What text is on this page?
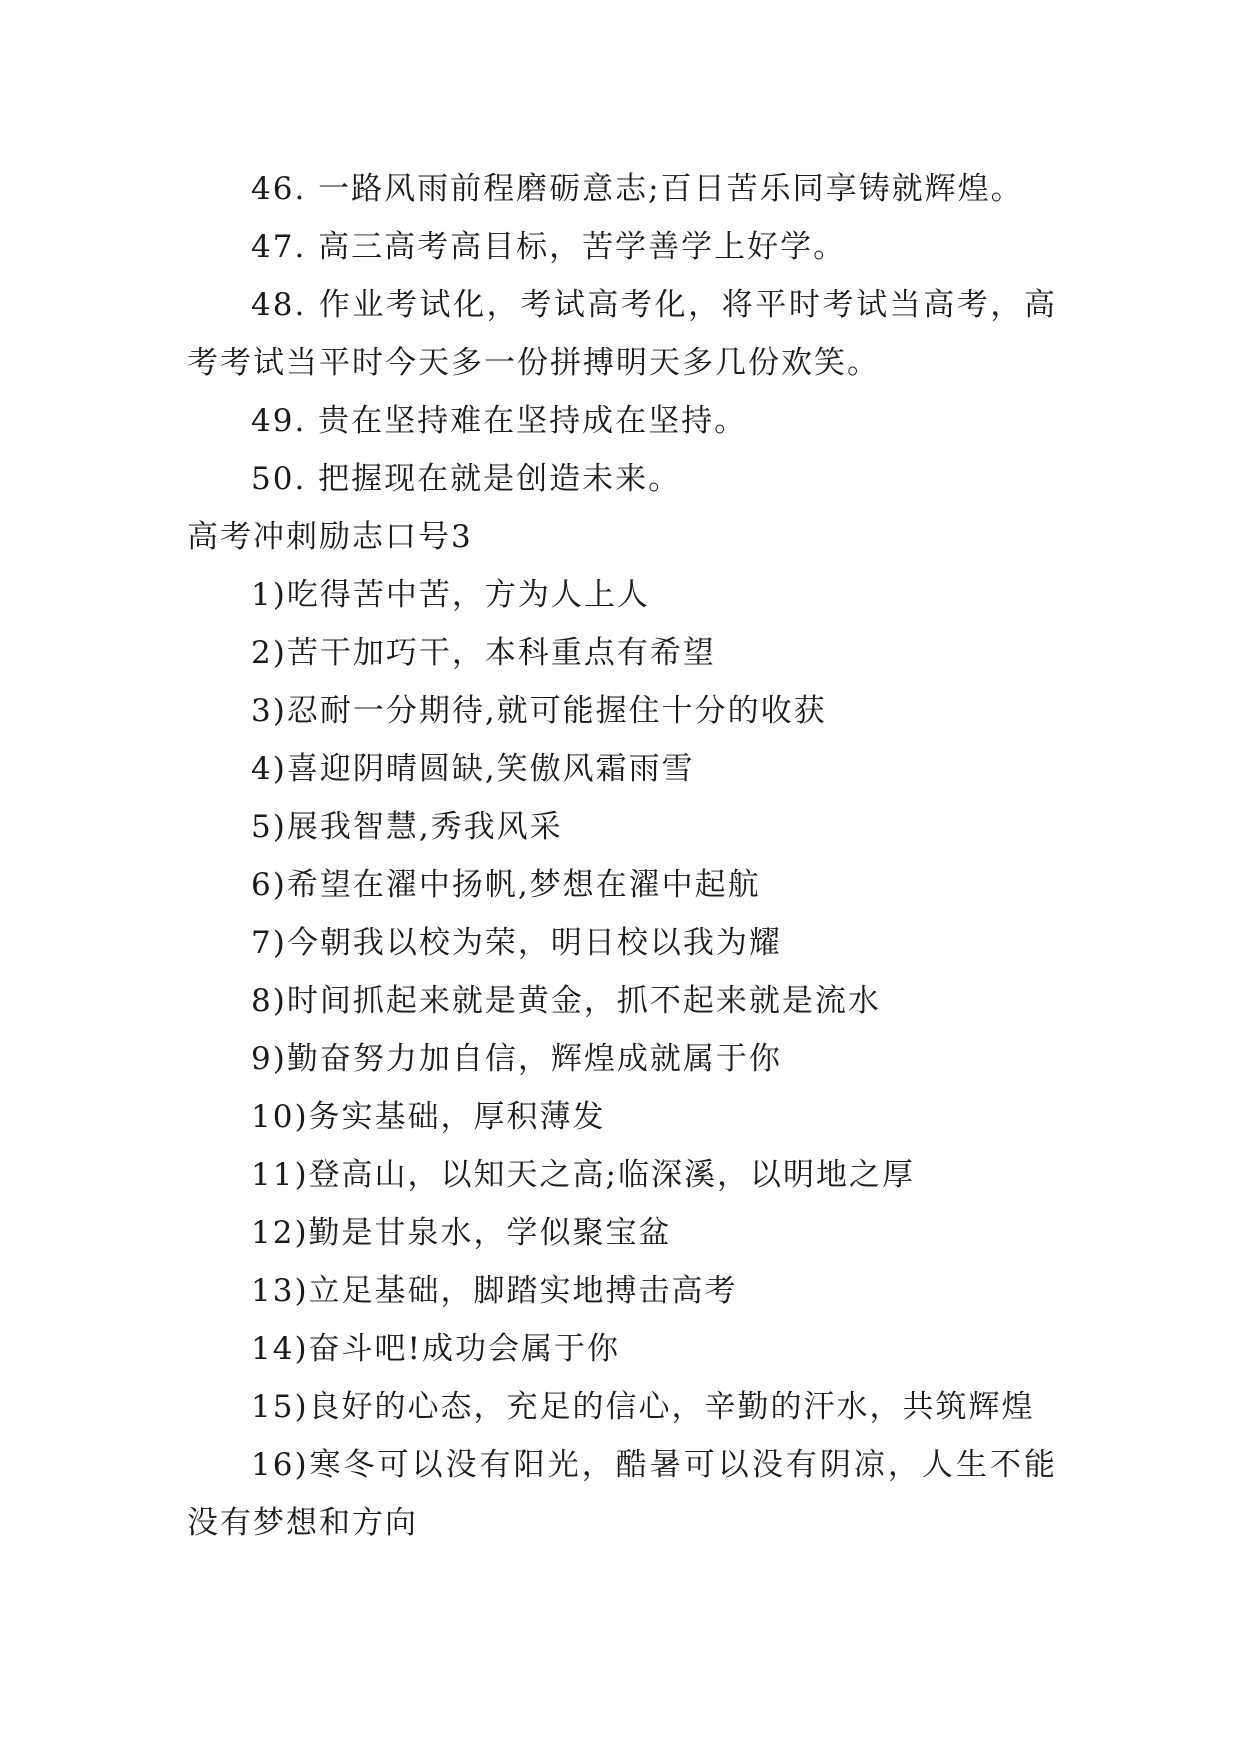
46. 一路风雨前程磨砺意志;百日苦乐同享铸就辉煌。
47. 高三高考高目标，苦学善学上好学。
48. 作业考试化，考试高考化，将平时考试当高考，高考考试当平时今天多一份拼搏明天多几份欢笑。
49. 贵在坚持难在坚持成在坚持。
50. 把握现在就是创造未来。
高考冲刺励志口号3
1)吃得苦中苦，方为人上人
2)苦干加巧干，本科重点有希望
3)忍耐一分期待,就可能握住十分的收获
4)喜迎阴晴圆缺,笑傲风霜雨雪
5)展我智慧,秀我风采
6)希望在濯中扬帆,梦想在濯中起航
7)今朝我以校为荣，明日校以我为耀
8)时间抓起来就是黄金，抓不起来就是流水
9)勤奋努力加自信，辉煌成就属于你
10)务实基础，厚积薄发
11)登高山，以知天之高;临深溪，以明地之厚
12)勤是甘泉水，学似聚宝盆
13)立足基础，脚踏实地搏击高考
14)奋斗吧!成功会属于你
15)良好的心态，充足的信心，辛勤的汗水，共筑辉煌
16)寒冬可以没有阳光，酷暑可以没有阴凉，人生不能没有梦想和方向
